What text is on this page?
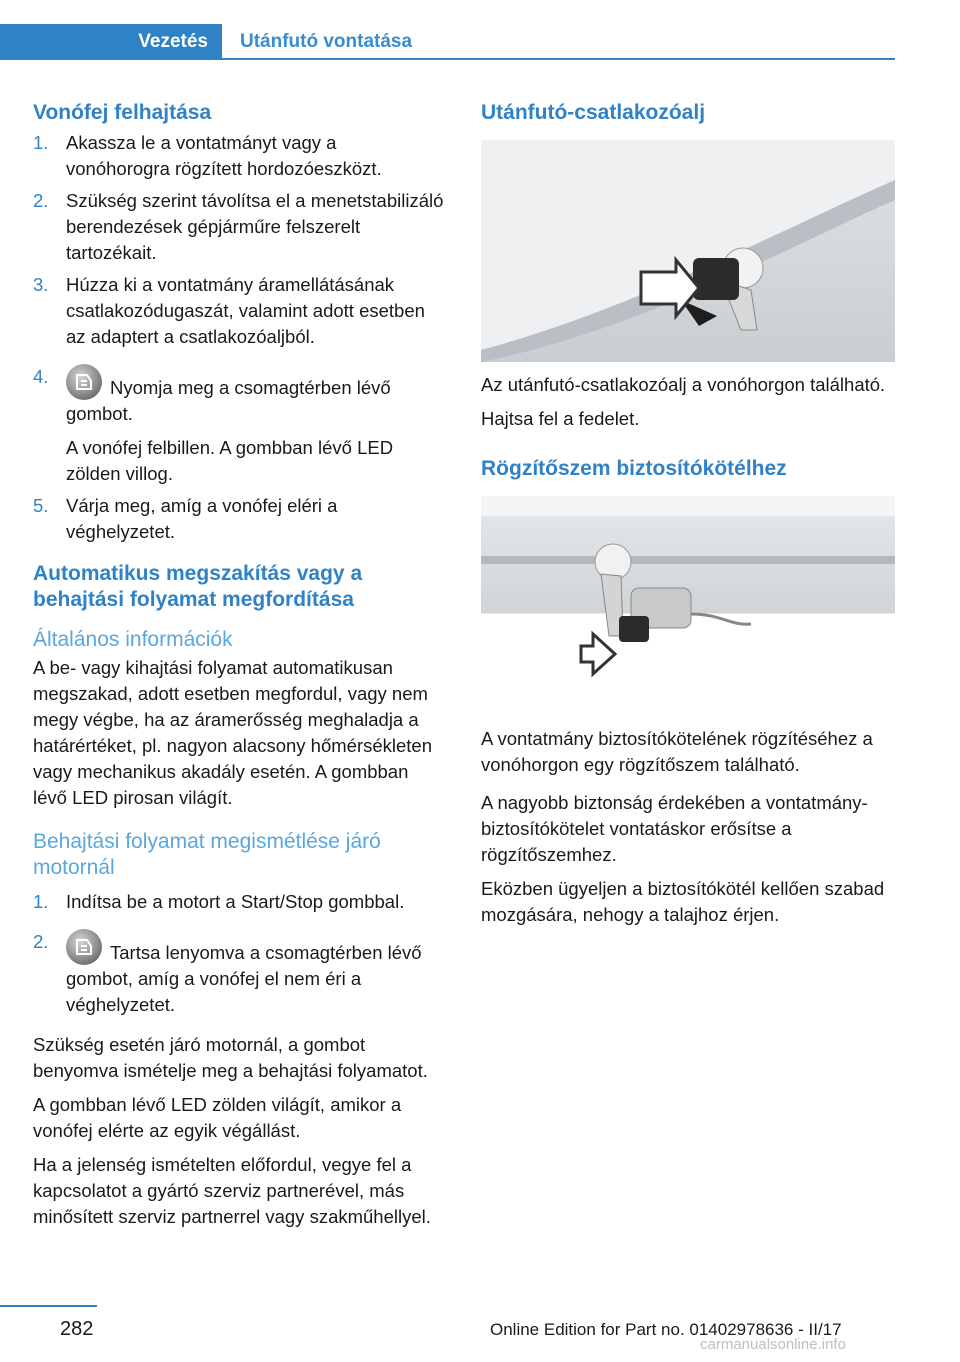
Vezetés	Utánfutó vontatása
Vonófej felhajtása
1. Akassza le a vontatmányt vagy a vonóhorogra rögzített hordozóeszközt.
2. Szükség szerint távolítsa el a menetstabilizáló berendezések gépjárműre felszerelt tartozékait.
3. Húzza ki a vontatmány áramellátásának csatlakozódugaszát, valamint adott esetben az adaptert a csatlakozóaljból.
4.
Nyomja meg a csomagtérben lévő gombot.
A vonófej felbillen. A gombban lévő LED zölden villog.
5. Várja meg, amíg a vonófej eléri a véghelyzetet.
Automatikus megszakítás vagy a behajtási folyamat megfordítása
Általános információk

A be- vagy kihajtási folyamat automatikusan megszakad, adott esetben megfordul, vagy nem megy végbe, ha az áramerősség meghaladja a határértéket, pl. nagyon alacsony hőmérsékleten vagy mechanikus akadály esetén. A gombban lévő LED pirosan világít.

Behajtási folyamat megismétlése járó motornál
1. Indítsa be a motort a Start/Stop gombbal.
2.
Tartsa lenyomva a csomagtérben lévő gombot, amíg a vonófej el nem éri a véghelyzetet.

Szükség esetén járó motornál, a gombot benyomva ismételje meg a behajtási folyamatot.

A gombban lévő LED zölden világít, amikor a vonófej elérte az egyik végállást.

Ha a jelenség ismételten előfordul, vegye fel a kapcsolatot a gyártó szerviz partnerével, más minősített szerviz partnerrel vagy szakműhellyel.

Utánfutó-csatlakozóalj

Az utánfutó-csatlakozóalj a vonóhorgon található.

Hajtsa fel a fedelet.

Rögzítőszem biztosítókötélhez

A vontatmány biztosítókötelének rögzítéséhez a vonóhorgon egy rögzítőszem található.

A nagyobb biztonság érdekében a vontatmány-biztosítókötelet vontatáskor erősítse a rögzítőszemhez.

Eközben ügyeljen a biztosítókötél kellően szabad mozgására, nehogy a talajhoz érjen.

282	Online Edition for Part no. 01402978636 - II/17
carmanualsonline.info
